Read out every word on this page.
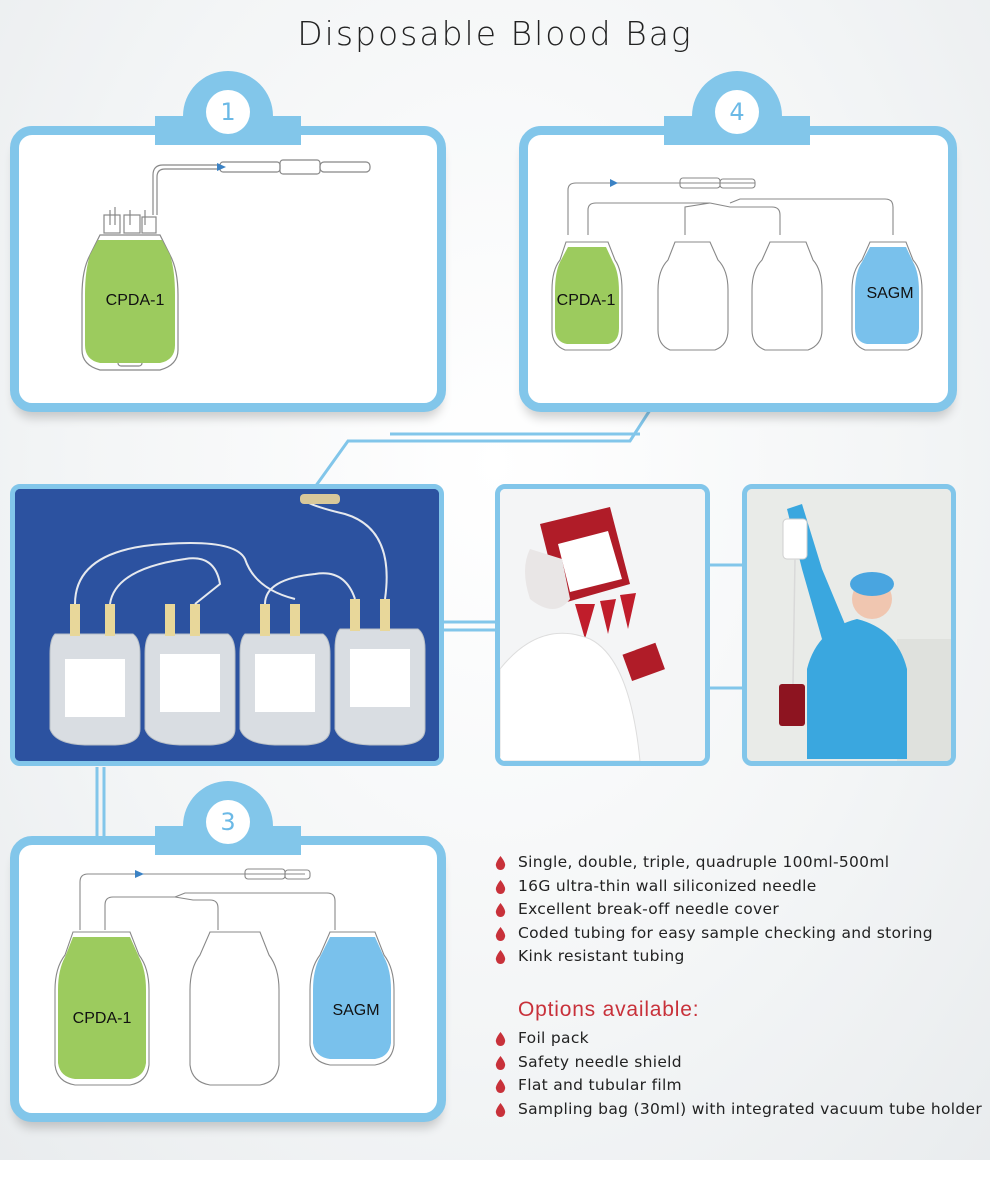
Disposable Blood Bag
1
CPDA-1
4
CPDA-1	SAGM
3
CPDA-1	SAGM
Single, double, triple, quadruple 100ml-500ml
16G ultra-thin wall siliconized needle
Excellent break-off needle cover
Coded tubing for easy sample checking and storing
Kink resistant tubing
Options available:
Foil pack
Safety needle shield
Flat and tubular film
Sampling bag (30ml) with integrated vacuum tube holder
